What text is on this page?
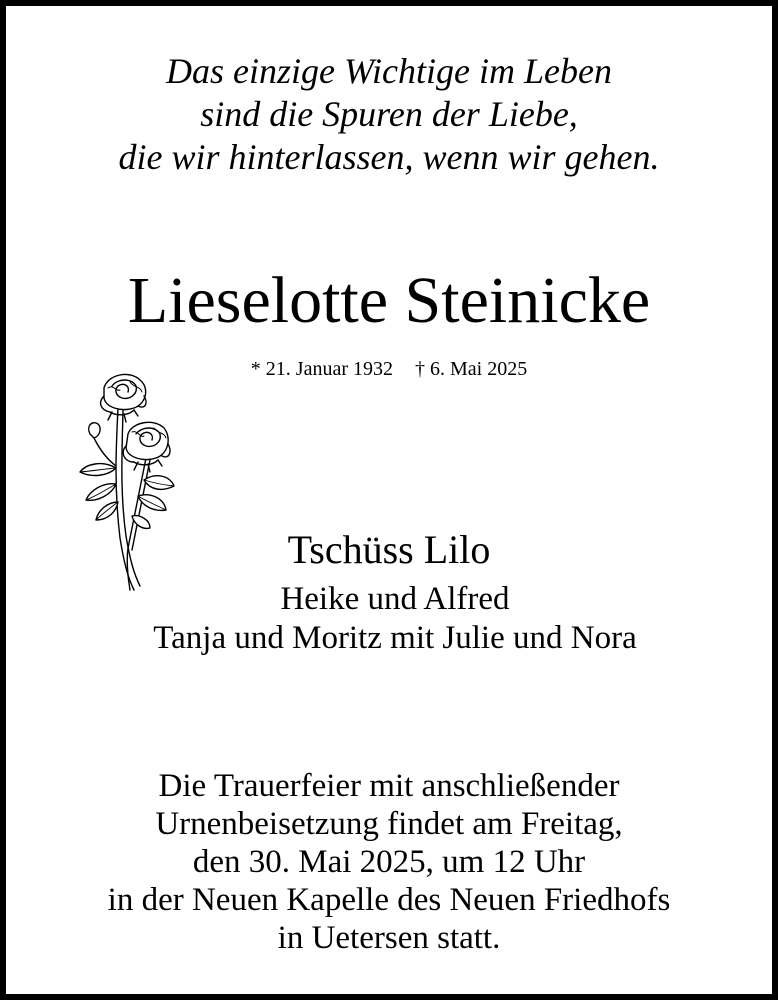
Das einzige Wichtige im Leben
sind die Spuren der Liebe,
die wir hinterlassen, wenn wir gehen.
Lieselotte Steinicke
* 21. Januar 1932 † 6. Mai 2025
Tschüss Lilo
Heike und Alfred
Tanja und Moritz mit Julie und Nora
Die Trauerfeier mit anschließender
Urnenbeisetzung findet am Freitag,
den 30. Mai 2025, um 12 Uhr
in der Neuen Kapelle des Neuen Friedhofs
in Uetersen statt.
